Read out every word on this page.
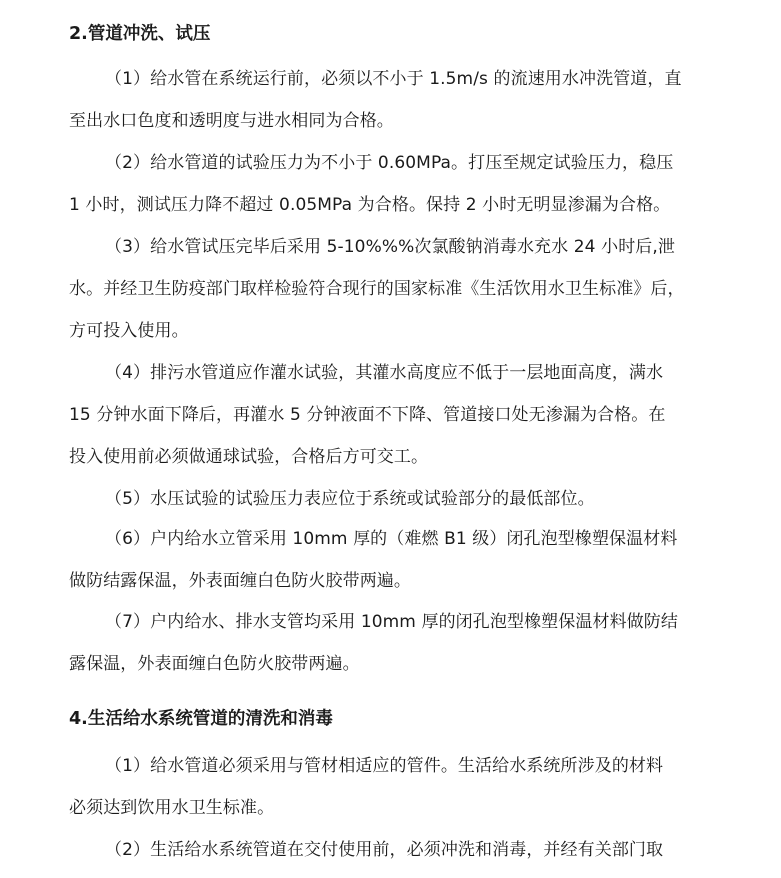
2.管道冲洗、试压

（1）给水管在系统运行前，必须以不小于 1.5m/s 的流速用水冲洗管道，直
至出水口色度和透明度与进水相同为合格。

（2）给水管道的试验压力为不小于 0.60MPa。打压至规定试验压力，稳压
1 小时，测试压力降不超过 0.05MPa 为合格。保持 2 小时无明显渗漏为合格。

（3）给水管试压完毕后采用 5-10%%%次氯酸钠消毒水充水 24 小时后,泄
水。并经卫生防疫部门取样检验符合现行的国家标准《生活饮用水卫生标准》后，
方可投入使用。

（4）排污水管道应作灌水试验，其灌水高度应不低于一层地面高度，满水
15 分钟水面下降后，再灌水 5 分钟液面不下降、管道接口处无渗漏为合格。在
投入使用前必须做通球试验，合格后方可交工。

（5）水压试验的试验压力表应位于系统或试验部分的最低部位。

（6）户内给水立管采用 10mm 厚的（难燃 B1 级）闭孔泡型橡塑保温材料
做防结露保温，外表面缠白色防火胶带两遍。

（7）户内给水、排水支管均采用 10mm 厚的闭孔泡型橡塑保温材料做防结
露保温，外表面缠白色防火胶带两遍。

4.生活给水系统管道的清洗和消毒

（1）给水管道必须采用与管材相适应的管件。生活给水系统所涉及的材料
必须达到饮用水卫生标准。

（2）生活给水系统管道在交付使用前，必须冲洗和消毒，并经有关部门取
